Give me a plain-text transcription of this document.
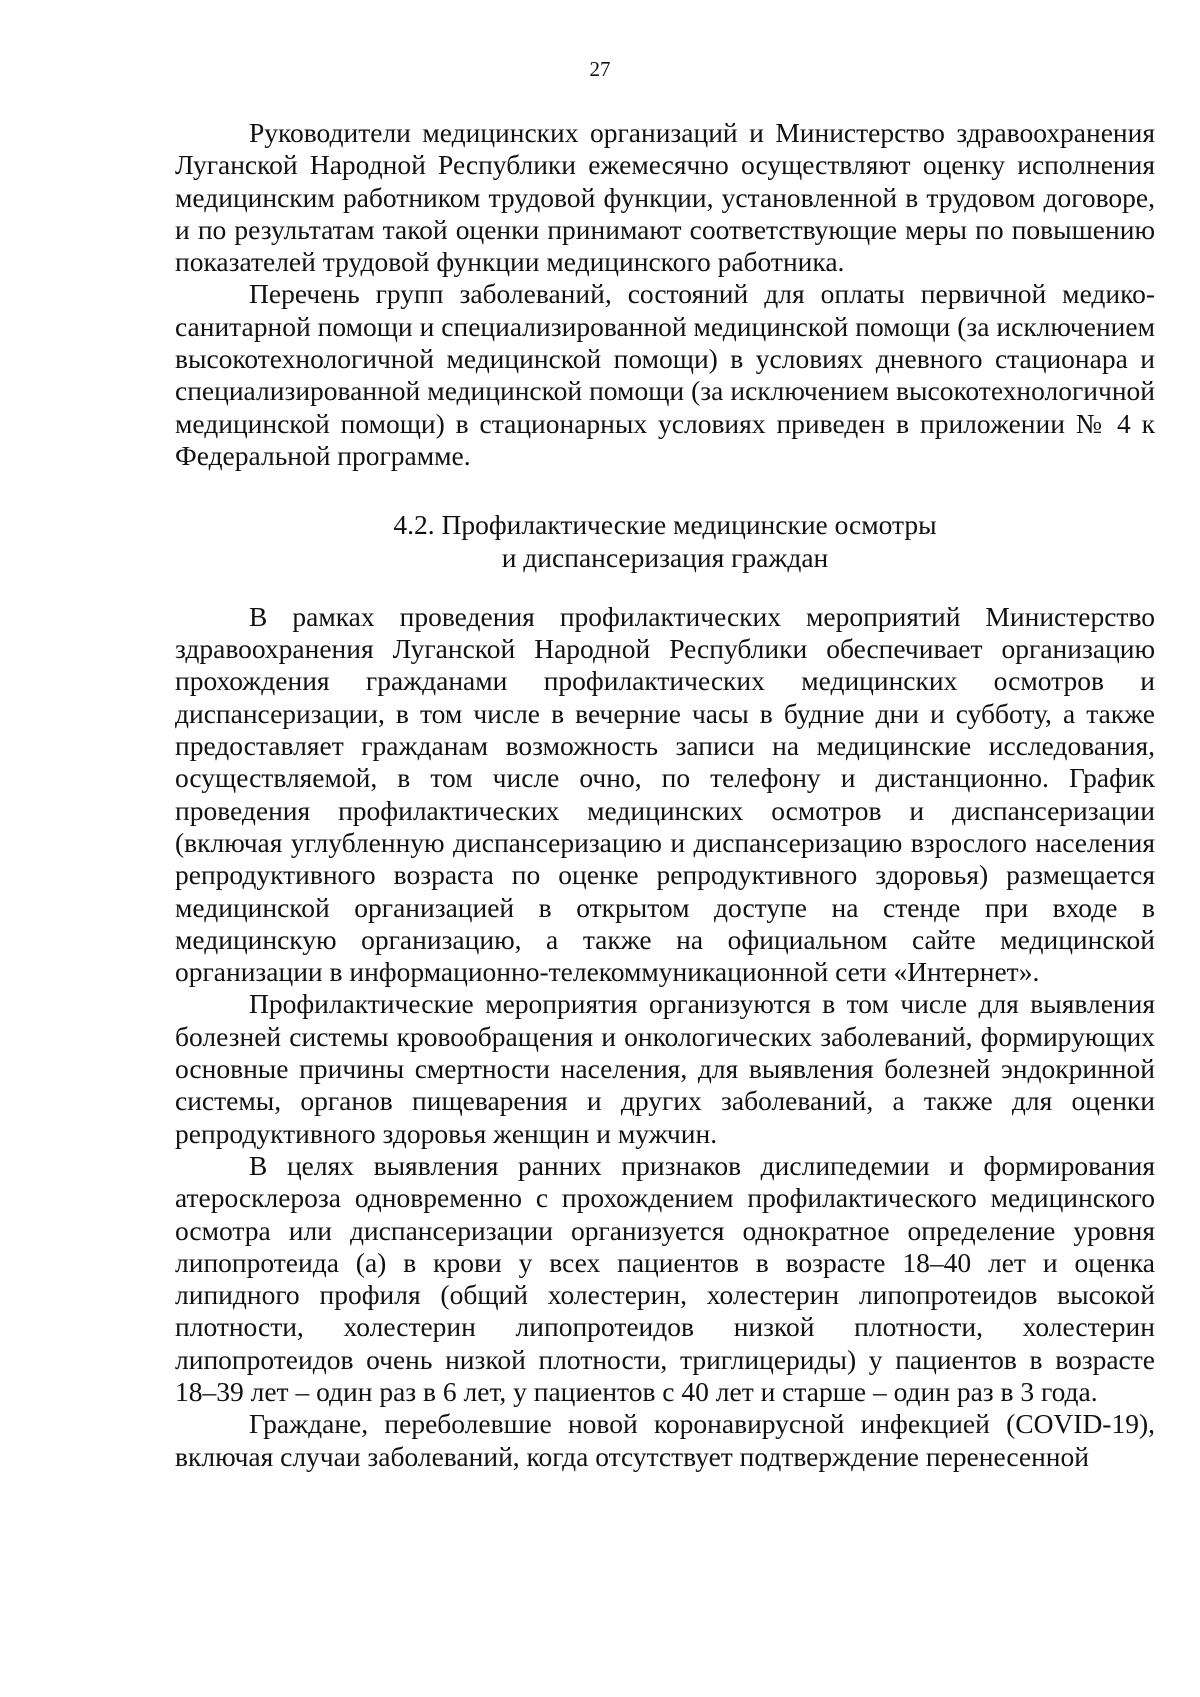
27

Руководители медицинских организаций и Министерство здравоохранения Луганской Народной Республики ежемесячно осуществляют оценку исполнения медицинским работником трудовой функции, установленной в трудовом договоре, и по результатам такой оценки принимают соответствующие меры по повышению показателей трудовой функции медицинского работника.

Перечень групп заболеваний, состояний для оплаты первичной медико-санитарной помощи и специализированной медицинской помощи (за исключением высокотехнологичной медицинской помощи) в условиях дневного стационара и специализированной медицинской помощи (за исключением высокотехнологичной медицинской помощи) в стационарных условиях приведен в приложении № 4 к Федеральной программе.

4.2. Профилактические медицинские осмотры
и диспансеризация граждан

В рамках проведения профилактических мероприятий Министерство здравоохранения Луганской Народной Республики обеспечивает организацию прохождения гражданами профилактических медицинских осмотров и диспансеризации, в том числе в вечерние часы в будние дни и субботу, а также предоставляет гражданам возможность записи на медицинские исследования, осуществляемой, в том числе очно, по телефону и дистанционно. График проведения профилактических медицинских осмотров и диспансеризации (включая углубленную диспансеризацию и диспансеризацию взрослого населения репродуктивного возраста по оценке репродуктивного здоровья) размещается медицинской организацией в открытом доступе на стенде при входе в медицинскую организацию, а также на официальном сайте медицинской организации в информационно-телекоммуникационной сети «Интернет».

Профилактические мероприятия организуются в том числе для выявления болезней системы кровообращения и онкологических заболеваний, формирующих основные причины смертности населения, для выявления болезней эндокринной системы, органов пищеварения и других заболеваний, а также для оценки репродуктивного здоровья женщин и мужчин.

В целях выявления ранних признаков дислипедемии и формирования атеросклероза одновременно с прохождением профилактического медицинского осмотра или диспансеризации организуется однократное определение уровня липопротеида (а) в крови у всех пациентов в возрасте 18–40 лет и оценка липидного профиля (общий холестерин, холестерин липопротеидов высокой плотности, холестерин липопротеидов низкой плотности, холестерин липопротеидов очень низкой плотности, триглицериды) у пациентов в возрасте 18–39 лет – один раз в 6 лет, у пациентов с 40 лет и старше – один раз в 3 года.

Граждане, переболевшие новой коронавирусной инфекцией (COVID-19), включая случаи заболеваний, когда отсутствует подтверждение перенесенной
